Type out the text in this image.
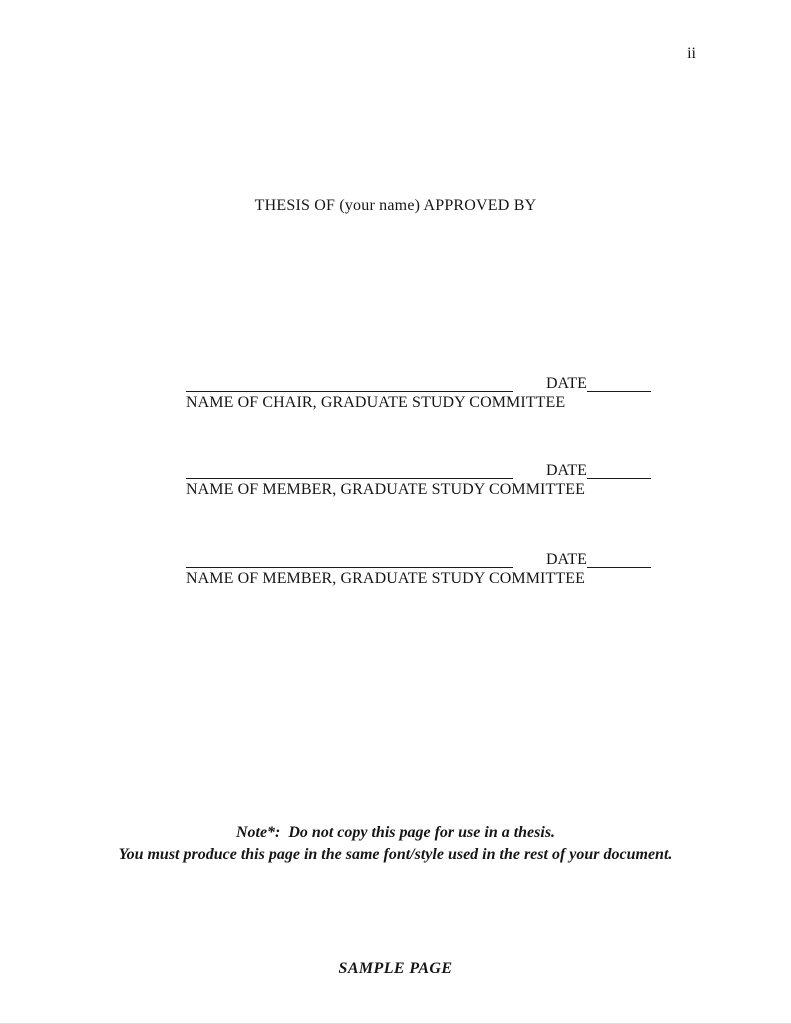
ii
THESIS OF (your name) APPROVED BY
DATE
NAME OF CHAIR, GRADUATE STUDY COMMITTEE
DATE
NAME OF MEMBER, GRADUATE STUDY COMMITTEE
DATE
NAME OF MEMBER, GRADUATE STUDY COMMITTEE
Note*:  Do not copy this page for use in a thesis.
You must produce this page in the same font/style used in the rest of your document.
SAMPLE PAGE
